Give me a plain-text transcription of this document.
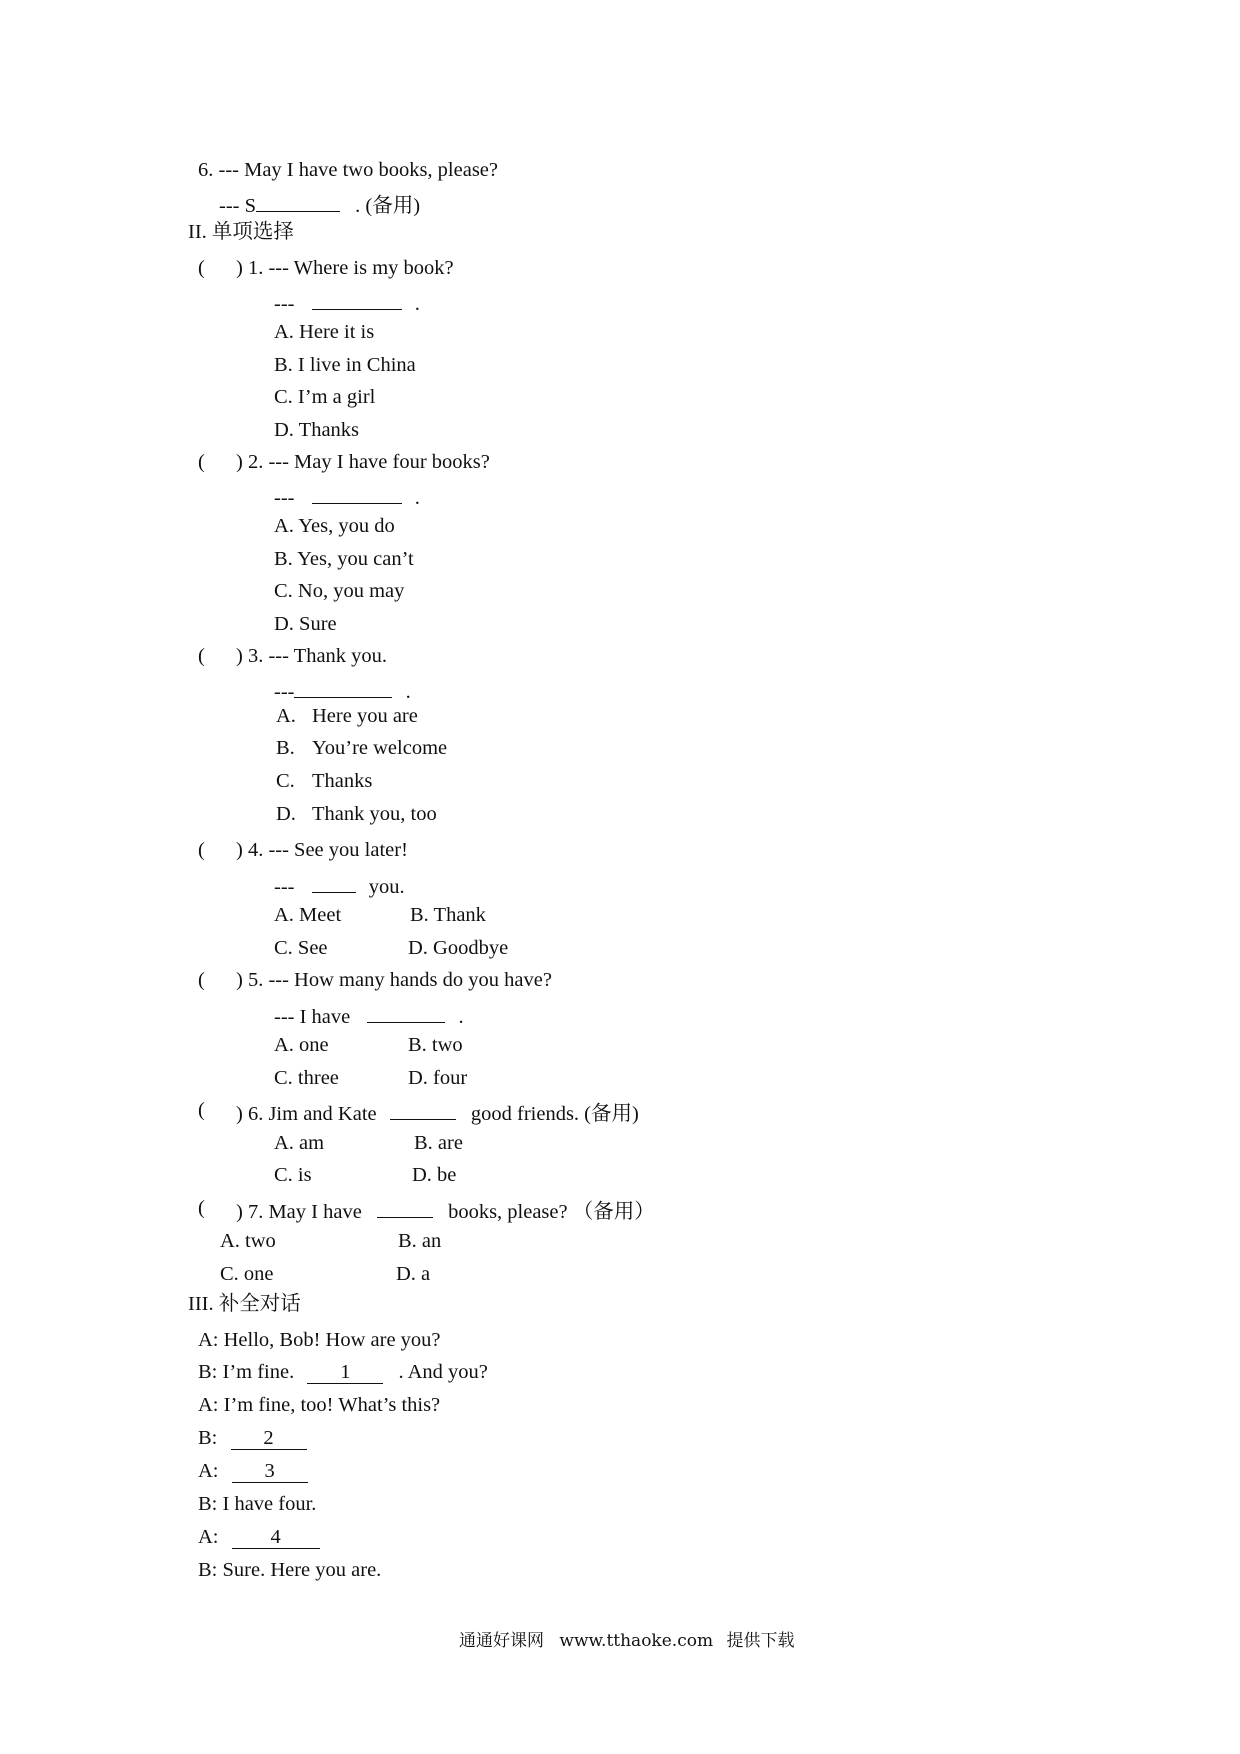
6. --- May I have two books, please?
--- S	. (备用)
II. 单项选择
( ) 1. --- Where is my book?
---	.
A. Here it is
B. I live in China
C. I’m a girl
D. Thanks
( ) 2. --- May I have four books?
---	.
A. Yes, you do
B. Yes, you can’t
C. No, you may
D. Sure
( ) 3. --- Thank you.
---	.
A. Here you are
B. You’re welcome
C. Thanks
D. Thank you, too
( ) 4. --- See you later!
---	you.
A. Meet	B. Thank
C. See	D. Goodbye
( ) 5. --- How many hands do you have?
--- I have	.
A. one	B. two
C. three	D. four
( ) 6. Jim and Kate	good friends. (备用)
A. am	B. are
C. is	D. be
( ) 7. May I have	books, please? （备用）
A. two	B. an
C. one	D. a
III. 补全对话
A: Hello, Bob! How are you?
B: I’m fine. 1 . And you?
A: I’m fine, too! What’s this?
B: 2
A: 3
B: I have four.
A:	4
B: Sure. Here you are.
通通好课网 www.tthaoke.com 提供下载
